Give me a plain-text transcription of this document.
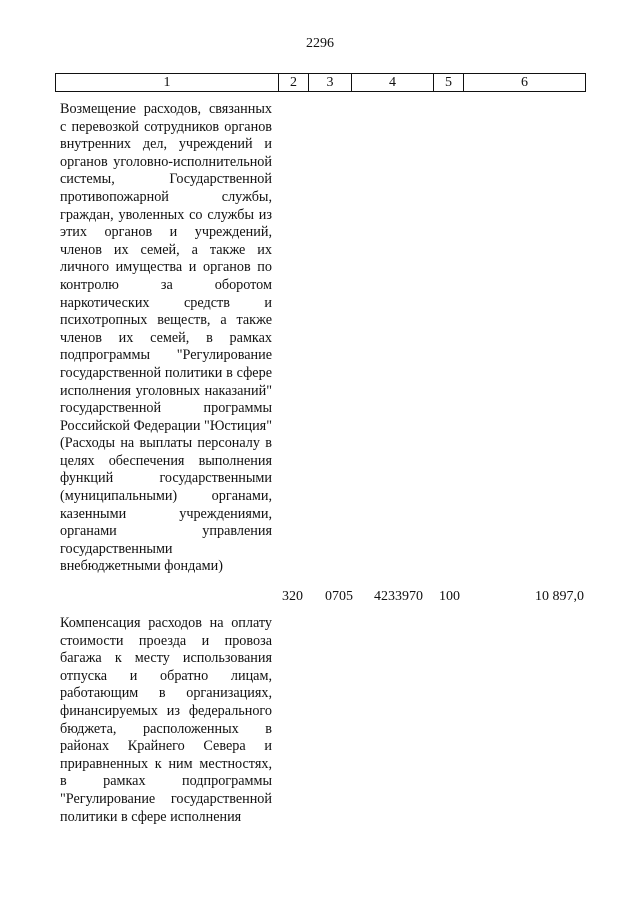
2296
1	2	3	4	5	6
Возмещение расходов, связанных с перевозкой сотрудников органов внутренних дел, учреждений и органов уголовно-исполнительной системы, Государственной противопожарной службы, граждан, уволенных со службы из этих органов и учреждений, членов их семей, а также их личного имущества и органов по контролю за оборотом наркотических средств и психотропных веществ, а также членов их семей, в рамках подпрограммы "Регулирование государственной политики в сфере исполнения уголовных наказаний" государственной программы Российской Федерации "Юстиция" (Расходы на выплаты персоналу в целях обеспечения выполнения функций государственными (муниципальными) органами, казенными учреждениями, органами управления государственными
внебюджетными фондами)
320 0705 4233970 100	10 897,0
Компенсация расходов на оплату стоимости проезда и провоза багажа к месту использования отпуска и обратно лицам, работающим в организациях, финансируемых из федерального бюджета, расположенных в районах Крайнего Севера и приравненных к ним местностях, в рамках подпрограммы "Регулирование государственной политики в сфере исполнения
